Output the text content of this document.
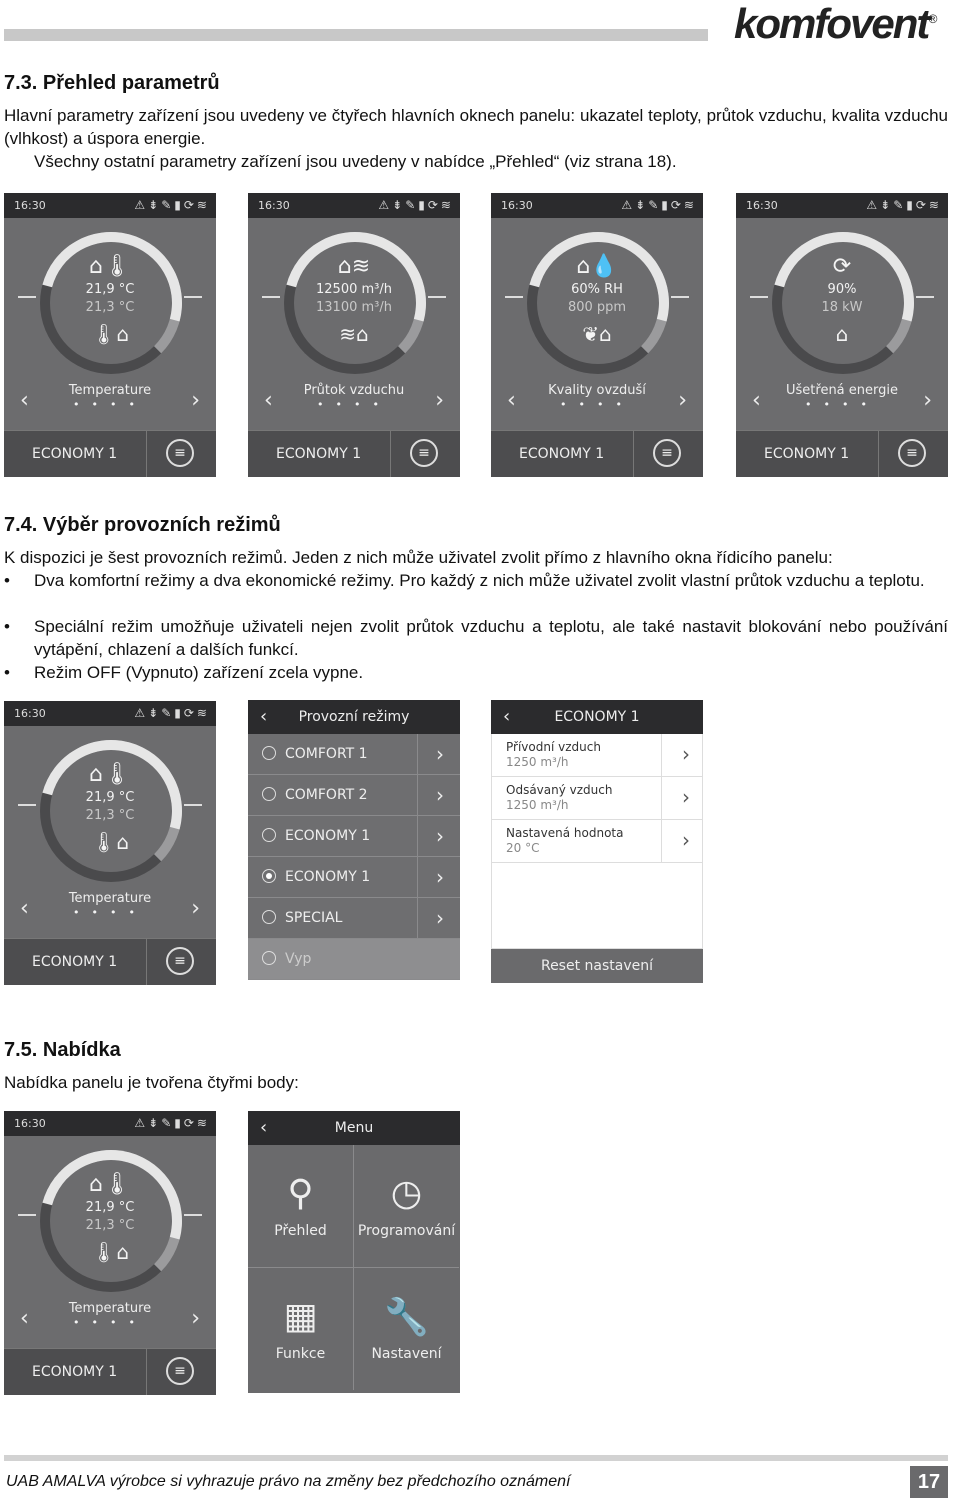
komfovent®
7.3. Přehled parametrů
Hlavní parametry zařízení jsou uvedeny ve čtyřech hlavních oknech panelu: ukazatel teploty, průtok vzduchu, kvalita vzduchu (vlhkost) a úspora energie.
Všechny ostatní parametry zařízení jsou uvedeny v nabídce „Přehled“ (viz strana 18).
16:30	⚠⇟✎▮⟳≋
⌂🌡
21,9 °C
21,3 °C
🌡⌂
Temperature
‹	›
••••
ECONOMY 1	≡
16:30	⚠⇟✎▮⟳≋
⌂≋
12500 m³/h
13100 m³/h
≋⌂
Průtok vzduchu
‹	›
••••
ECONOMY 1	≡
16:30	⚠⇟✎▮⟳≋
⌂💧
60% RH
800 ppm
❦⌂
Kvality ovzduší
‹	›
••••
ECONOMY 1	≡
16:30	⚠⇟✎▮⟳≋
⟳
90%
18 kW
⌂
Ušetřená energie
‹	›
••••
ECONOMY 1	≡
7.4. Výběr provozních režimů
K dispozici je šest provozních režimů. Jeden z nich může uživatel zvolit přímo z hlavního okna řídicího panelu:
• Dva komfortní režimy a dva ekonomické režimy. Pro každý z nich může uživatel zvolit vlastní průtok vzduchu a teplotu.
• Speciální režim umožňuje uživateli nejen zvolit průtok vzduchu a teplotu, ale také nastavit blokování nebo používání vytápění, chlazení a dalších funkcí.
• Režim OFF (Vypnuto) zařízení zcela vypne.
16:30	⚠⇟✎▮⟳≋
⌂🌡
21,9 °C
21,3 °C
🌡⌂
Temperature
‹	›
••••
ECONOMY 1	≡
‹	Provozní režimy
COMFORT 1	›
COMFORT 2	›
ECONOMY 1	›
ECONOMY 1	›
SPECIAL	›
Vyp
‹	ECONOMY 1
Přívodní vzduch
1250 m³/h	›
Odsávaný vzduch
1250 m³/h	›
Nastavená hodnota
20 °C	›
Reset nastavení
7.5. Nabídka
Nabídka panelu je tvořena čtyřmi body:
16:30	⚠⇟✎▮⟳≋
⌂🌡
21,9 °C
21,3 °C
🌡⌂
Temperature
‹	›
••••
ECONOMY 1	≡
‹	Menu
⚲
Přehled
◷
Programování
▦
Funkce
🔧
Nastavení
UAB AMALVA výrobce si vyhrazuje právo na změny bez předchozího oznámení	17
